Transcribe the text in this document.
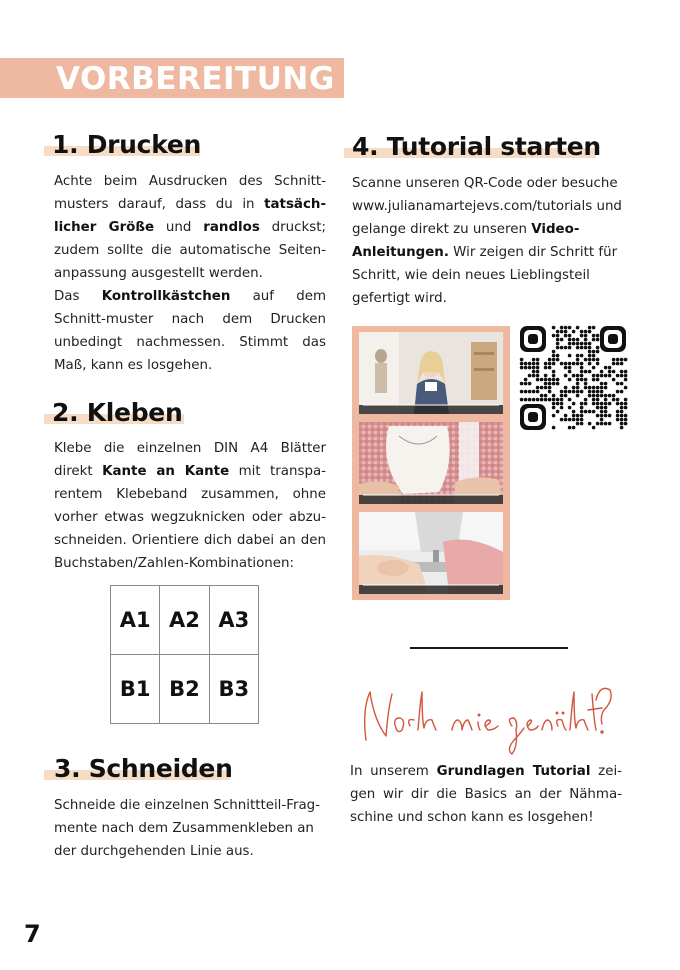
VORBEREITUNG
1. Drucken
Achte beim Ausdrucken des Schnitt-musters darauf, dass du in tatsäch-licher Größe und randlos druckst; zudem sollte die automatische Seiten-anpassung ausgestellt werden.
Das Kontrollkästchen auf dem Schnitt-muster nach dem Drucken unbedingt nachmessen. Stimmt das Maß, kann es losgehen.
2. Kleben
Klebe die einzelnen DIN A4 Blätter direkt Kante an Kante mit transpa-rentem Klebeband zusammen, ohne vorher etwas wegzuknicken oder abzu-schneiden. Orientiere dich dabei an den Buchstaben/Zahlen-Kombinationen:
A1 A2 A3
B1 B2 B3
3. Schneiden
Schneide die einzelnen Schnittteil-Frag-mente nach dem Zusammenkleben an der durchgehenden Linie aus.
4. Tutorial starten
Scanne unseren QR-Code oder besuche www.julianamartejevs.com/tutorials und gelange direkt zu unseren Video-Anleitungen. Wir zeigen dir Schritt für Schritt, wie dein neues Lieblingsteil gefertigt wird.
In unserem Grundlagen Tutorial zei-gen wir dir die Basics an der Nähma-schine und schon kann es losgehen!
7
